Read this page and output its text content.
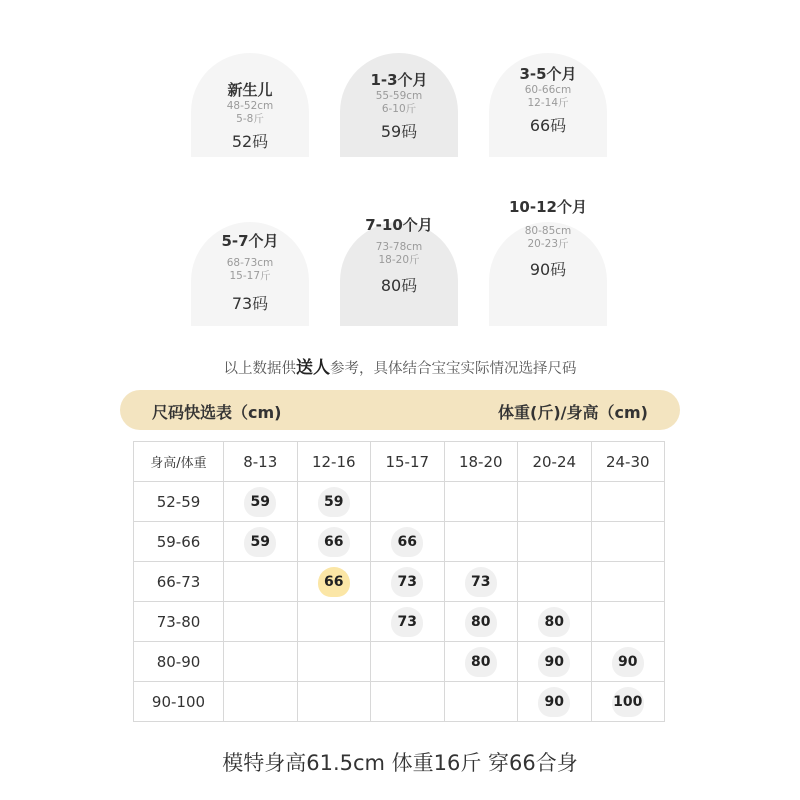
新生儿
48-52cm
5-8斤
52码
1-3个月
55-59cm
6-10斤
59码
3-5个月
60-66cm
12-14斤
66码
5-7个月
68-73cm
15-17斤
73码
7-10个月
73-78cm
18-20斤
80码
10-12个月
80-85cm
20-23斤
90码
以上数据供送人参考，具体结合宝宝实际情况选择尺码
尺码快选表（cm)	体重(斤)/身高（cm)
身高/体重	8-13	12-16	15-17	18-20	20-24	24-30
52-59	59	59				
59-66	59	66	66			
66-73		66	73	73		
73-80			73	80	80	
80-90				80	90	90
90-100					90	100
模特身高61.5cm 体重16斤 穿66合身
